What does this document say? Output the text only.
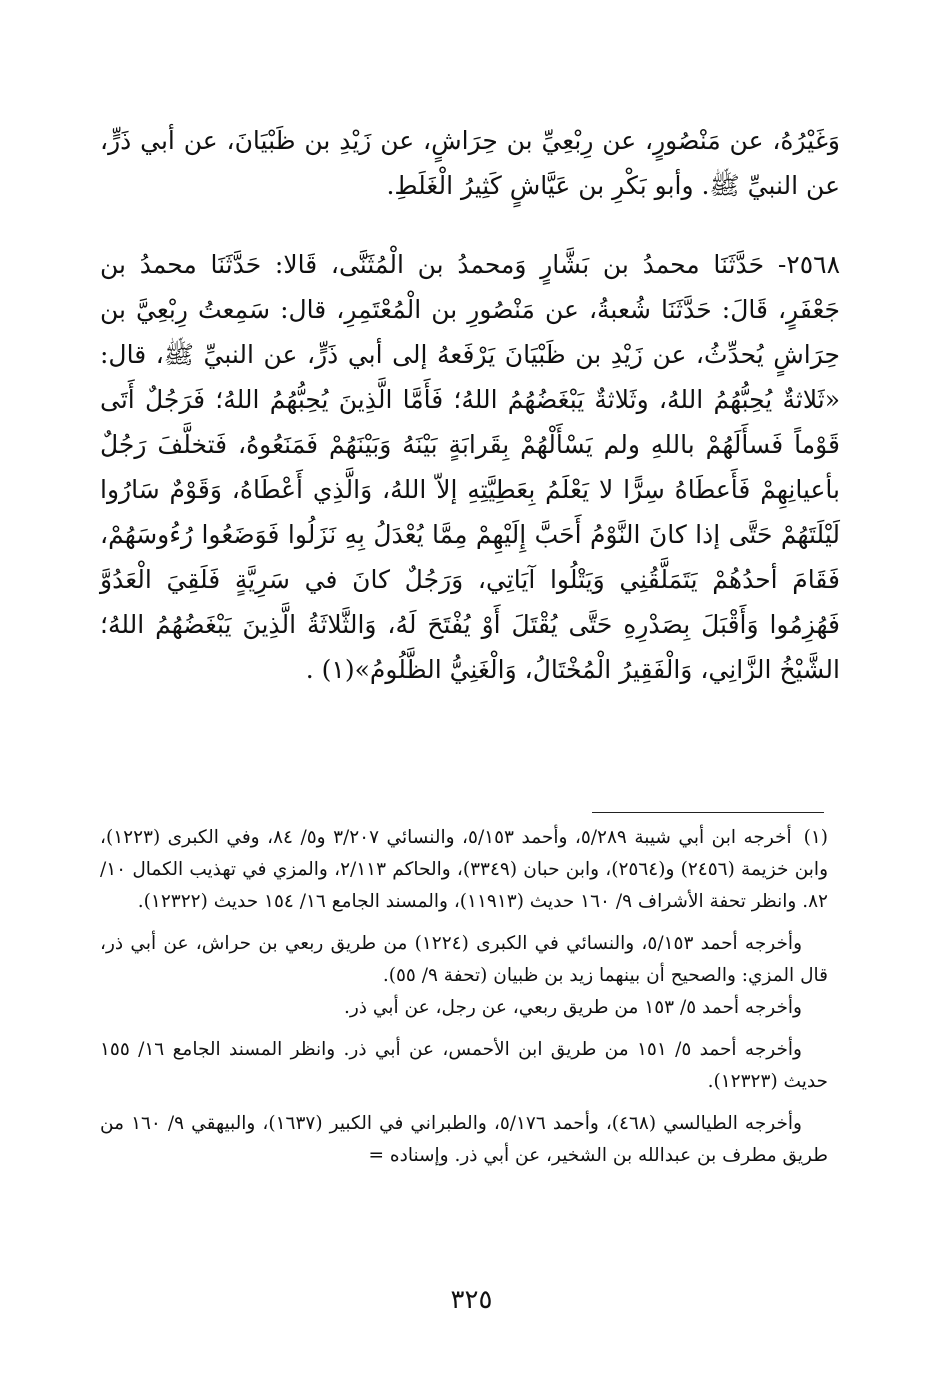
وَغَيْرُهُ، عن مَنْصُورٍ، عن رِبْعِيِّ بن حِرَاشٍ، عن زَيْدِ بن ظَبْيَانَ، عن أبي ذَرٍّ، عن النبيِّ ﷺ. وأبو بَكْرِ بن عَيَّاشٍ كَثِيرُ الْغَلَطِ.

٢٥٦٨- حَدَّثَنَا محمدُ بن بَشَّارٍ وَمحمدُ بن الْمُثَنَّى، قَالا: حَدَّثَنَا محمدُ بن جَعْفَرٍ، قَالَ: حَدَّثَنَا شُعبةُ، عن مَنْصُورِ بن الْمُعْتَمِرِ، قال: سَمِعتُ رِبْعِيَّ بن حِرَاشٍ يُحدِّثُ، عن زَيْدِ بن ظَبْيَانَ يَرْفَعهُ إلى أبي ذَرٍّ، عن النبيِّ ﷺ، قال: «ثَلاثةٌ يُحِبُّهُمُ اللهُ، وثَلاثةٌ يَبْغَضُهُمُ اللهُ؛ فَأَمَّا الَّذِينَ يُحِبُّهُمُ اللهُ؛ فَرَجُلٌ أَتَى قَوْماً فَسأَلَهُمْ باللهِ ولم يَسْأَلْهُمْ بِقَرابَةٍ بَيْنَهُ وَبَيْنَهُمْ فَمَنَعُوهُ، فَتخلَّفَ رَجُلٌ بأعيانِهِمْ فَأَعطَاهُ سِرًّا لا يَعْلَمُ بِعَطِيَّتِهِ إلاّ اللهُ، وَالَّذِي أَعْطَاهُ، وَقَوْمٌ سَارُوا لَيْلَتَهُمْ حَتَّى إذا كانَ النَّوْمُ أَحَبَّ إِلَيْهِمْ مِمَّا يُعْدَلُ بِهِ نَزَلُوا فَوَضَعُوا رُءُوسَهُمْ، فَقَامَ أحدُهُمْ يَتَمَلَّقُنِي وَيَتْلُوا آيَاتِي، وَرَجُلٌ كانَ في سَرِيَّةٍ فَلَقِيَ الْعَدُوَّ فَهُزِمُوا وَأَقْبَلَ بِصَدْرِهِ حَتَّى يُقْتَلَ أَوْ يُفْتَحَ لَهُ، وَالثَّلاثَةُ الَّذِينَ يَبْغَضُهُمُ اللهُ؛ الشَّيْخُ الزَّانِي، وَالْفَقِيرُ الْمُخْتَالُ، وَالْغَنِيُّ الظَّلُومُ»(١) .

(١)أخرجه ابن أبي شيبة ٥/٢٨٩، وأحمد ٥/١٥٣، والنسائي ٣/٢٠٧ و٥/ ٨٤، وفي الكبرى (١٢٢٣)، وابن خزيمة (٢٤٥٦) و(٢٥٦٤)، وابن حبان (٣٣٤٩)، والحاكم ٢/١١٣، والمزي في تهذيب الكمال ١٠/ ٨٢. وانظر تحفة الأشراف ٩/ ١٦٠ حديث (١١٩١٣)، والمسند الجامع ١٦/ ١٥٤ حديث (١٢٣٢٢).

وأخرجه أحمد ٥/١٥٣، والنسائي في الكبرى (١٢٢٤) من طريق ربعي بن حراش، عن أبي ذر، قال المزي: والصحيح أن بينهما زيد بن ظبيان (تحفة ٩/ ٥٥).

وأخرجه أحمد ٥/ ١٥٣ من طريق ربعي، عن رجل، عن أبي ذر.

وأخرجه أحمد ٥/ ١٥١ من طريق ابن الأحمس، عن أبي ذر. وانظر المسند الجامع ١٦/ ١٥٥ حديث (١٢٣٢٣).

وأخرجه الطيالسي (٤٦٨)، وأحمد ٥/١٧٦، والطبراني في الكبير (١٦٣٧)، والبيهقي ٩/ ١٦٠ من طريق مطرف بن عبدالله بن الشخير، عن أبي ذر. وإسناده =

٣٢٥
